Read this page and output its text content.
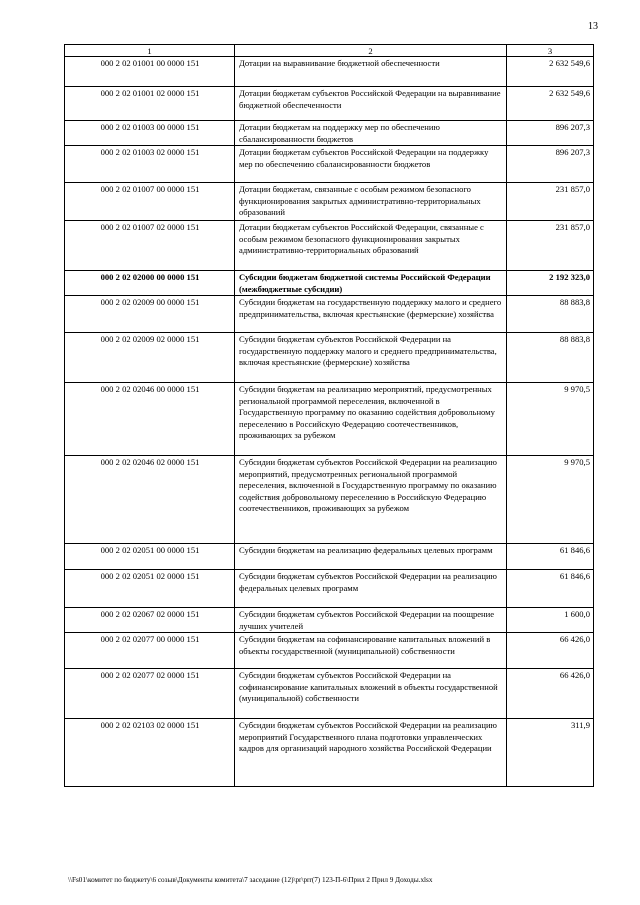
13
1	2	3
000 2 02 01001 00 0000 151	Дотации на выравнивание бюджетной обеспеченности	2 632 549,6
000 2 02 01001 02 0000 151	Дотации бюджетам субъектов Российской Федерации на выравнивание бюджетной обеспеченности	2 632 549,6
000 2 02 01003 00 0000 151	Дотации бюджетам на поддержку мер по обеспечению сбалансированности бюджетов	896 207,3
000 2 02 01003 02 0000 151	Дотации бюджетам субъектов Российской Федерации на поддержку мер по обеспечению сбалансированности бюджетов	896 207,3
000 2 02 01007 00 0000 151	Дотации бюджетам, связанные с особым режимом безопасного функционирования закрытых административно-территориальных образований	231 857,0
000 2 02 01007 02 0000 151	Дотации бюджетам субъектов Российской Федерации, связанные с особым режимом безопасного функционирования закрытых административно-территориальных образований	231 857,0
000 2 02 02000 00 0000 151	Субсидии бюджетам бюджетной системы Российской Федерации (межбюджетные субсидии)	2 192 323,0
000 2 02 02009 00 0000 151	Субсидии бюджетам на государственную поддержку малого и среднего предпринимательства, включая крестьянские (фермерские) хозяйства	88 883,8
000 2 02 02009 02 0000 151	Субсидии бюджетам субъектов Российской Федерации на государственную поддержку малого и среднего предпринимательства, включая крестьянские (фермерские) хозяйства	88 883,8
000 2 02 02046 00 0000 151	Субсидии бюджетам на реализацию мероприятий, предусмотренных региональной программой переселения, включенной в Государственную программу по оказанию содействия добровольному переселению в Российскую Федерацию соотечественников, проживающих за рубежом	9 970,5
000 2 02 02046 02 0000 151	Субсидии бюджетам субъектов Российской Федерации на реализацию мероприятий, предусмотренных региональной программой переселения, включенной в Государственную программу по оказанию содействия добровольному переселению в Российскую Федерацию соотечественников, проживающих за рубежом	9 970,5
000 2 02 02051 00 0000 151	Субсидии бюджетам на реализацию федеральных целевых программ	61 846,6
000 2 02 02051 02 0000 151	Субсидии бюджетам субъектов Российской Федерации на реализацию федеральных целевых программ	61 846,6
000 2 02 02067 02 0000 151	Субсидии бюджетам субъектов Российской Федерации на поощрение лучших учителей	1 600,0
000 2 02 02077 00 0000 151	Субсидии бюджетам на софинансирование капитальных вложений в объекты государственной (муниципальной) собственности	66 426,0
000 2 02 02077 02 0000 151	Субсидии бюджетам субъектов Российской Федерации на софинансирование капитальных вложений в объекты государственной (муниципальной) собственности	66 426,0
000 2 02 02103 02 0000 151	Субсидии бюджетам субъектов Российской Федерации на реализацию мероприятий Государственного плана подготовки управленческих кадров для организаций народного хозяйства Российской Федерации	311,9
\\Fs01\комитет по бюджету\6 созыв\Документы комитета\7 заседание (12)\pr\prr(7) 123-П-6\Прил 2 Прил 9 Доходы.xlsx
